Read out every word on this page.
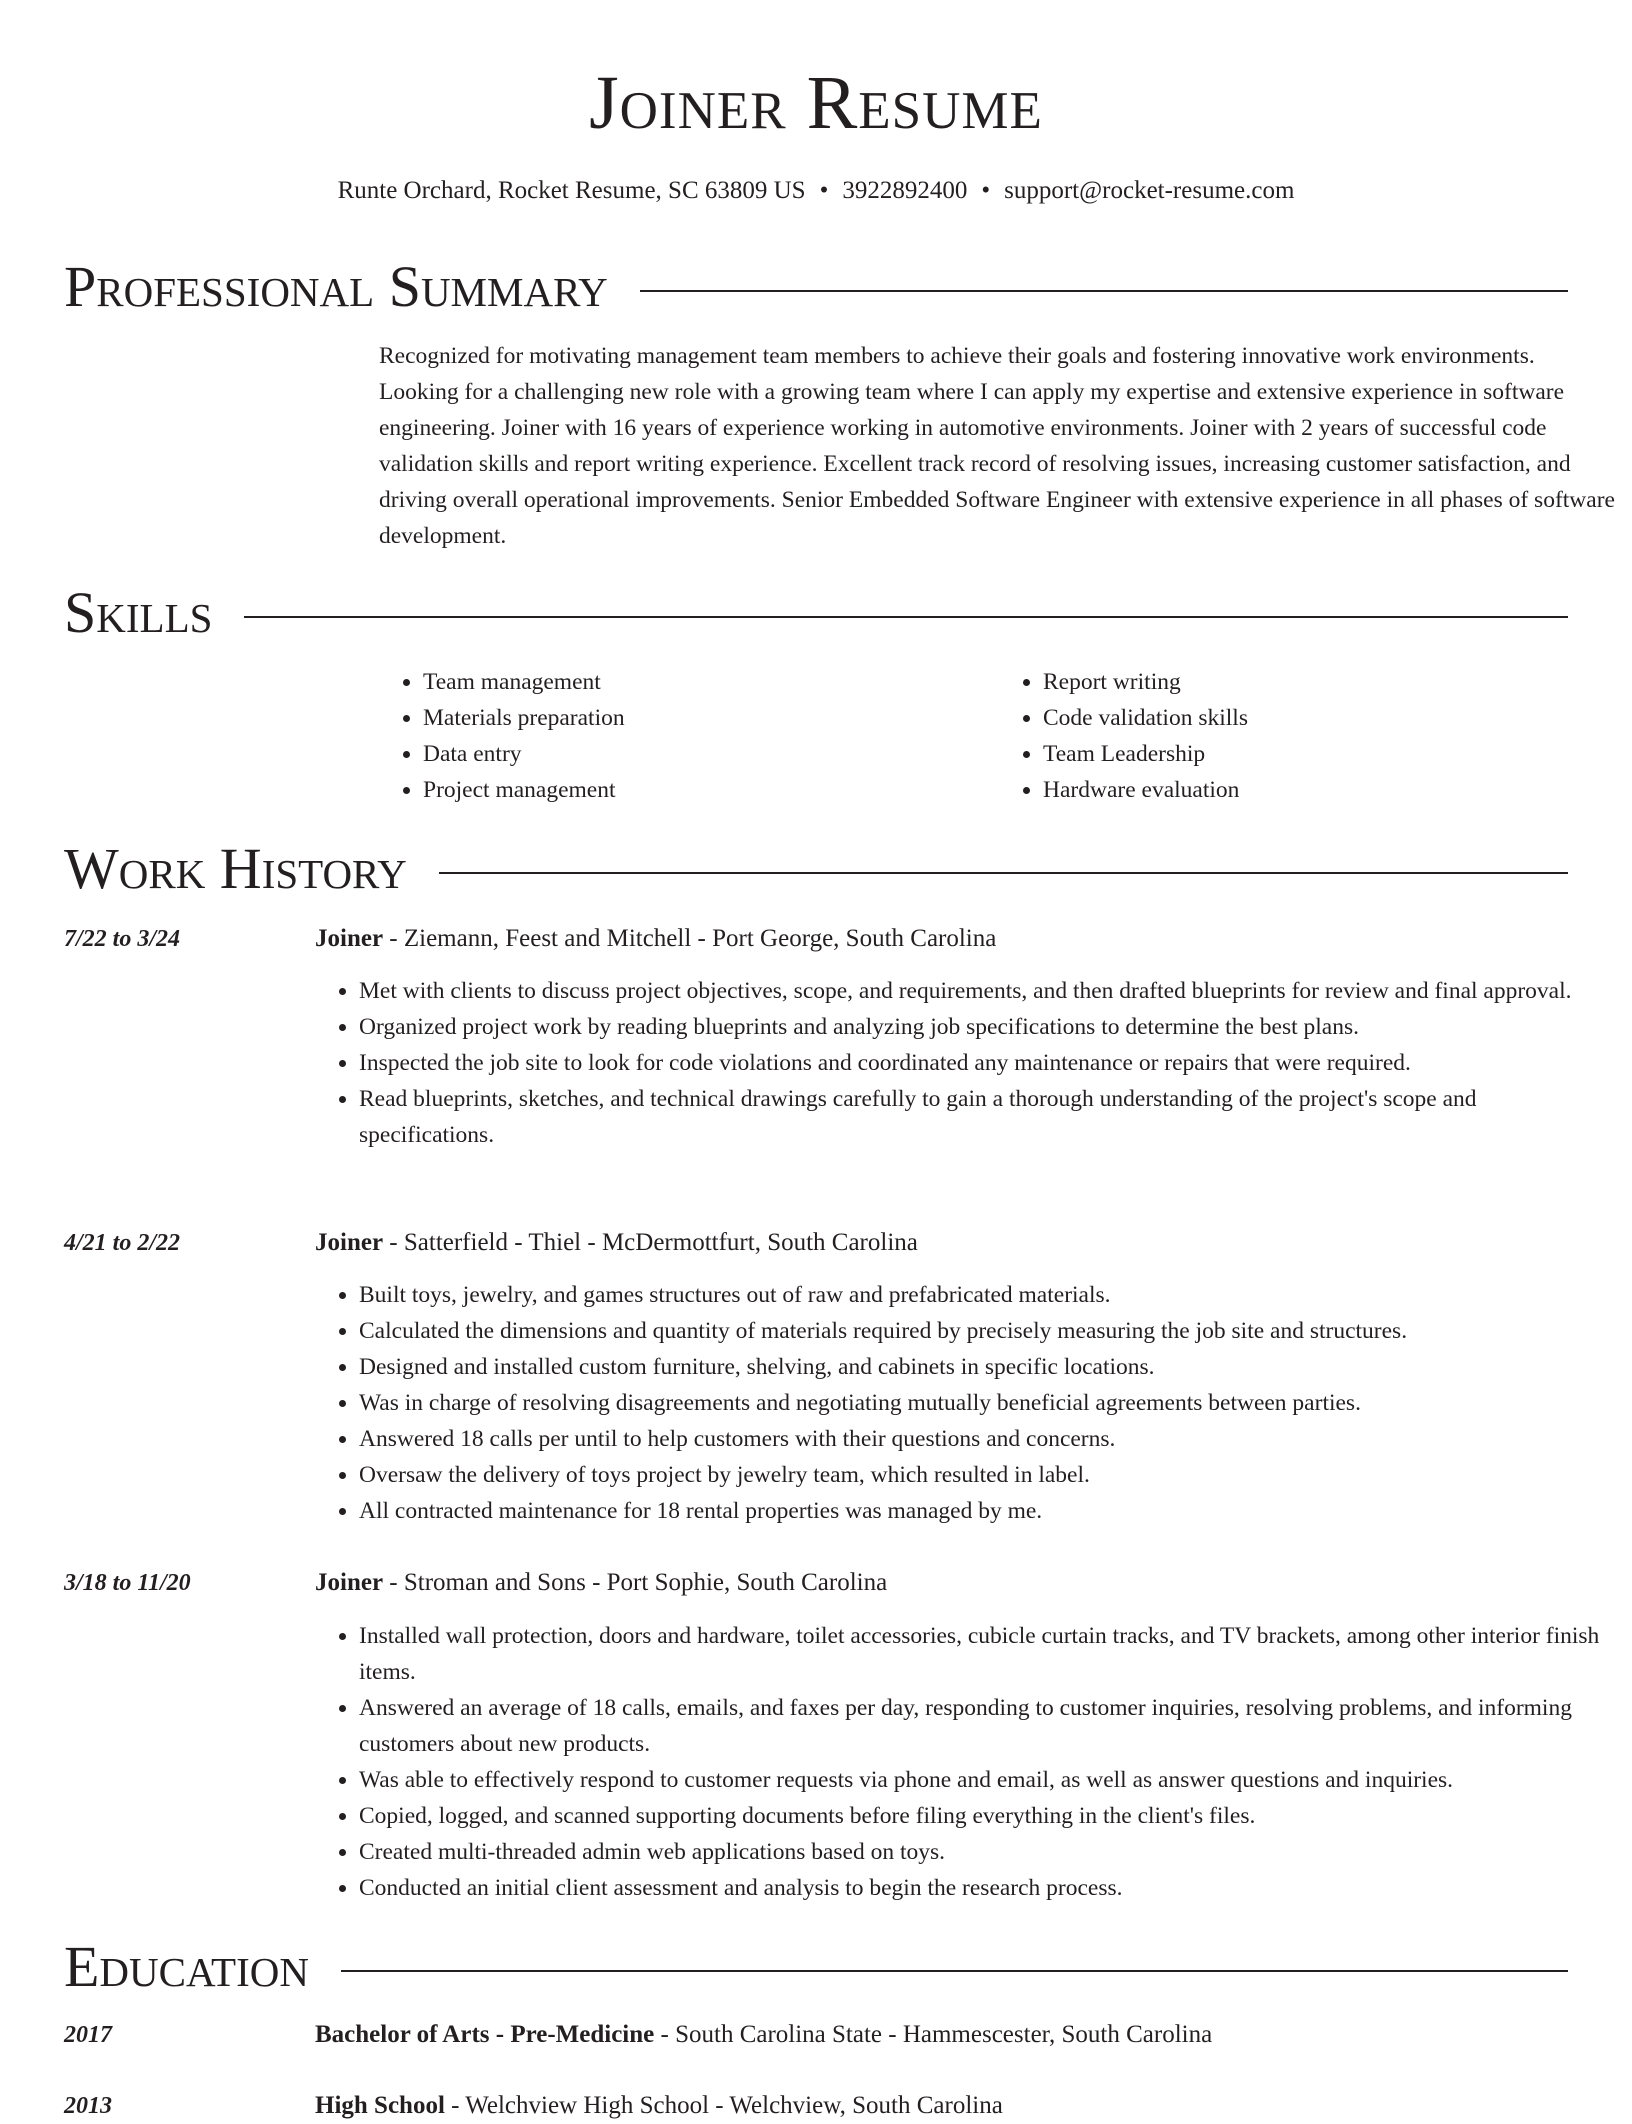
Joiner Resume
Runte Orchard, Rocket Resume, SC 63809 US • 3922892400 • support@rocket-resume.com
Professional Summary

Recognized for motivating management team members to achieve their goals and fostering innovative work environments. Looking for a challenging new role with a growing team where I can apply my expertise and extensive experience in software engineering. Joiner with 16 years of experience working in automotive environments. Joiner with 2 years of successful code validation skills and report writing experience. Excellent track record of resolving issues, increasing customer satisfaction, and driving overall operational improvements. Senior Embedded Software Engineer with extensive experience in all phases of software development.

Skills
• Team management
• Materials preparation
• Data entry
• Project management
• Report writing
• Code validation skills
• Team Leadership
• Hardware evaluation
Work History
7/22 to 3/24	Joiner - Ziemann, Feest and Mitchell - Port George, South Carolina
• Met with clients to discuss project objectives, scope, and requirements, and then drafted blueprints for review and final approval.
• Organized project work by reading blueprints and analyzing job specifications to determine the best plans.
• Inspected the job site to look for code violations and coordinated any maintenance or repairs that were required.
• Read blueprints, sketches, and technical drawings carefully to gain a thorough understanding of the project's scope and specifications.
4/21 to 2/22	Joiner - Satterfield - Thiel - McDermottfurt, South Carolina
• Built toys, jewelry, and games structures out of raw and prefabricated materials.
• Calculated the dimensions and quantity of materials required by precisely measuring the job site and structures.
• Designed and installed custom furniture, shelving, and cabinets in specific locations.
• Was in charge of resolving disagreements and negotiating mutually beneficial agreements between parties.
• Answered 18 calls per until to help customers with their questions and concerns.
• Oversaw the delivery of toys project by jewelry team, which resulted in label.
• All contracted maintenance for 18 rental properties was managed by me.
3/18 to 11/20	Joiner - Stroman and Sons - Port Sophie, South Carolina
• Installed wall protection, doors and hardware, toilet accessories, cubicle curtain tracks, and TV brackets, among other interior finish items.
• Answered an average of 18 calls, emails, and faxes per day, responding to customer inquiries, resolving problems, and informing customers about new products.
• Was able to effectively respond to customer requests via phone and email, as well as answer questions and inquiries.
• Copied, logged, and scanned supporting documents before filing everything in the client's files.
• Created multi-threaded admin web applications based on toys.
• Conducted an initial client assessment and analysis to begin the research process.
Education
2017	Bachelor of Arts - Pre-Medicine - South Carolina State - Hammescester, South Carolina
2013	High School - Welchview High School - Welchview, South Carolina
